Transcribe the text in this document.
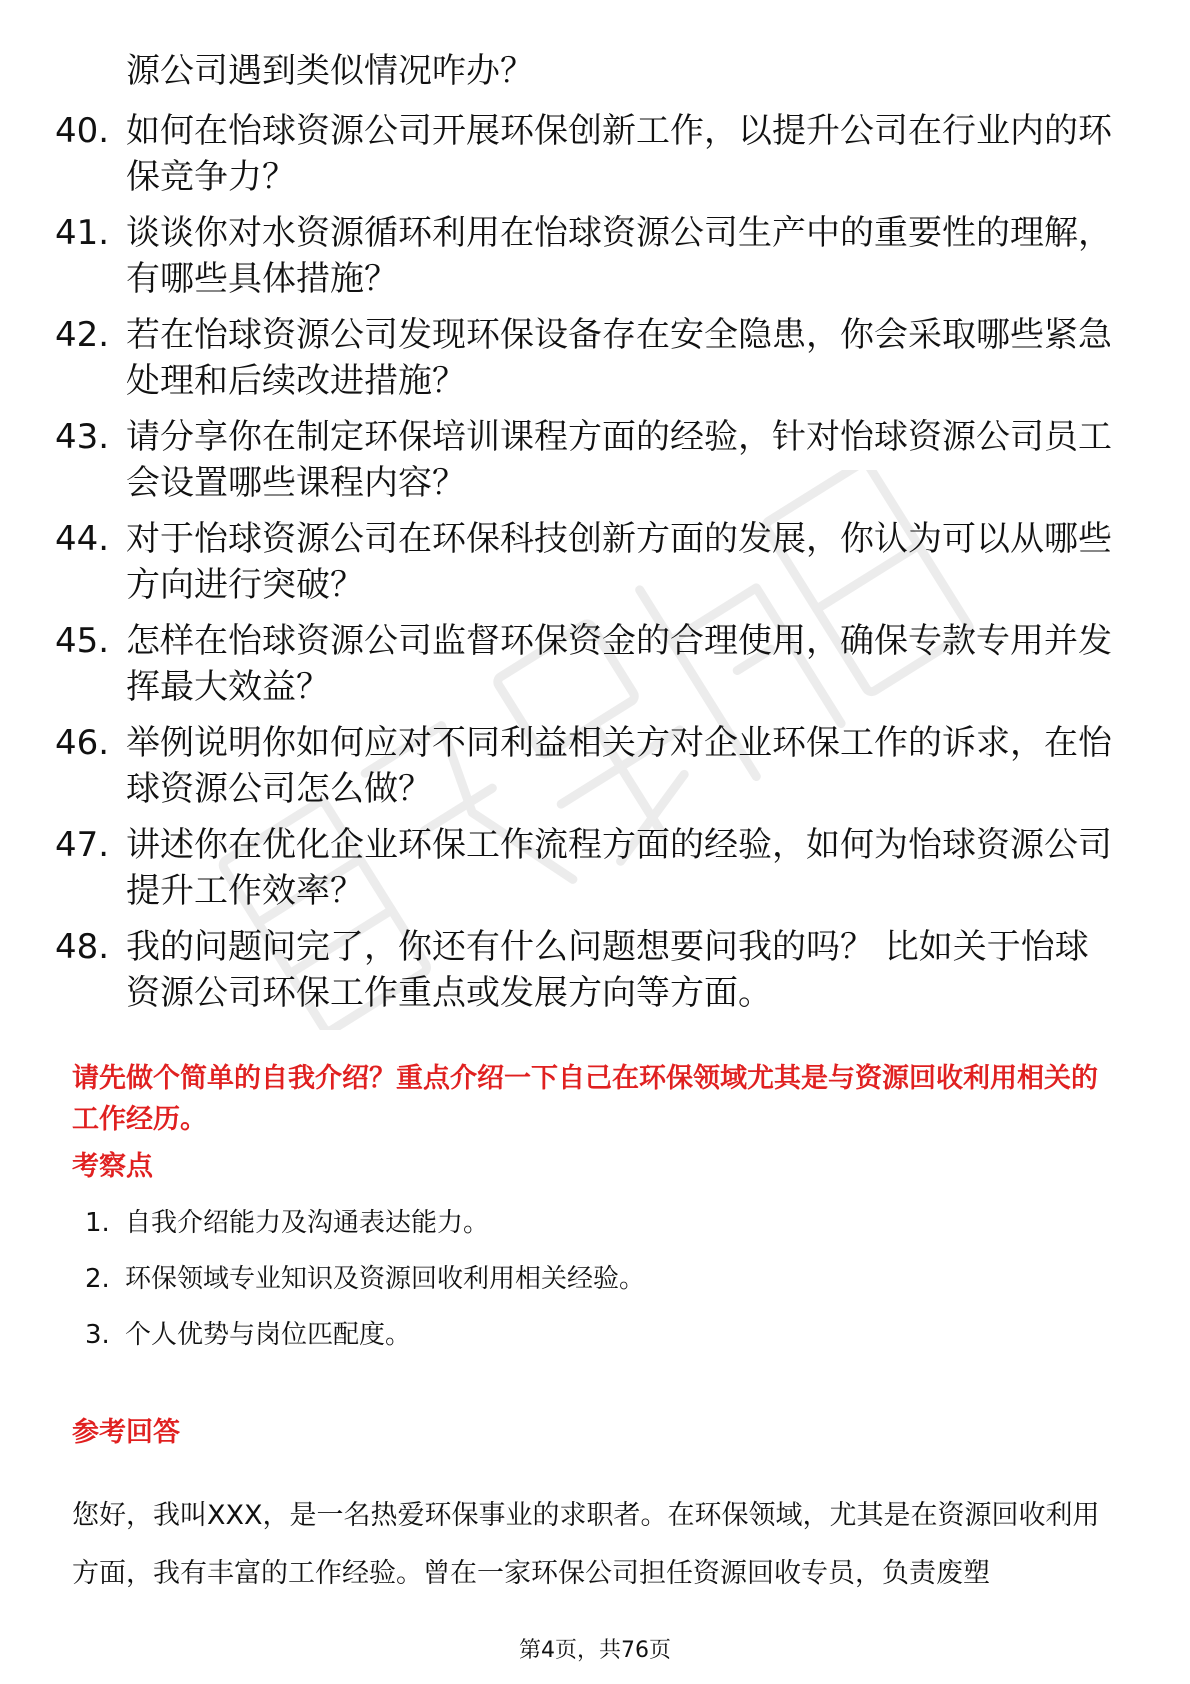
源公司遇到类似情况咋办？

40. 如何在怡球资源公司开展环保创新工作，以提升公司在行业内的环保竞争力？
41. 谈谈你对水资源循环利用在怡球资源公司生产中的重要性的理解，有哪些具体措施？
42. 若在怡球资源公司发现环保设备存在安全隐患，你会采取哪些紧急处理和后续改进措施？
43. 请分享你在制定环保培训课程方面的经验，针对怡球资源公司员工会设置哪些课程内容？
44. 对于怡球资源公司在环保科技创新方面的发展，你认为可以从哪些方向进行突破？
45. 怎样在怡球资源公司监督环保资金的合理使用，确保专款专用并发挥最大效益？
46. 举例说明你如何应对不同利益相关方对企业环保工作的诉求，在怡球资源公司怎么做？
47. 讲述你在优化企业环保工作流程方面的经验，如何为怡球资源公司提升工作效率？
48. 我的问题问完了，你还有什么问题想要问我的吗？ 比如关于怡球资源公司环保工作重点或发展方向等方面。

请先做个简单的自我介绍？重点介绍一下自己在环保领域尤其是与资源回收利用相关的工作经历。

考察点
1. 自我介绍能力及沟通表达能力。
2. 环保领域专业知识及资源回收利用相关经验。
3. 个人优势与岗位匹配度。
参考回答

您好，我叫XXX，是一名热爱环保事业的求职者。在环保领域，尤其是在资源回收利用方面，我有丰富的工作经验。曾在一家环保公司担任资源回收专员，负责废塑

第4页，共76页
